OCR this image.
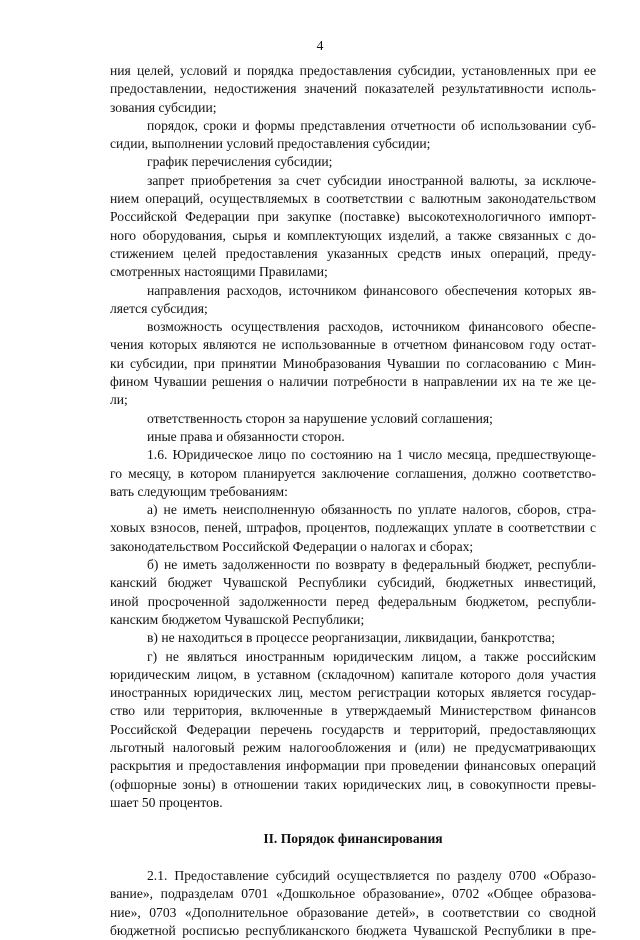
4
ния целей, условий и порядка предоставления субсидии, установленных при ее
предоставлении, недостижения значений показателей результативности исполь-
зования субсидии;
порядок, сроки и формы представления отчетности об использовании суб-
сидии, выполнении условий предоставления субсидии;
график перечисления субсидии;
запрет приобретения за счет субсидии иностранной валюты, за исключе-
нием операций, осуществляемых в соответствии с валютным законодательством
Российской Федерации при закупке (поставке) высокотехнологичного импорт-
ного оборудования, сырья и комплектующих изделий, а также связанных с до-
стижением целей предоставления указанных средств иных операций, преду-
смотренных настоящими Правилами;
направления расходов, источником финансового обеспечения которых яв-
ляется субсидия;
возможность осуществления расходов, источником финансового обеспе-
чения которых являются не использованные в отчетном финансовом году остат-
ки субсидии, при принятии Минобразования Чувашии по согласованию с Мин-
фином Чувашии решения о наличии потребности в направлении их на те же це-
ли;
ответственность сторон за нарушение условий соглашения;
иные права и обязанности сторон.
1.6. Юридическое лицо по состоянию на 1 число месяца, предшествующе-
го месяцу, в котором планируется заключение соглашения, должно соответство-
вать следующим требованиям:
а) не иметь неисполненную обязанность по уплате налогов, сборов, стра-
ховых взносов, пеней, штрафов, процентов, подлежащих уплате в соответствии с
законодательством Российской Федерации о налогах и сборах;
б) не иметь задолженности по возврату в федеральный бюджет, республи-
канский бюджет Чувашской Республики субсидий, бюджетных инвестиций,
иной просроченной задолженности перед федеральным бюджетом, республи-
канским бюджетом Чувашской Республики;
в) не находиться в процессе реорганизации, ликвидации, банкротства;
г) не являться иностранным юридическим лицом, а также российским
юридическим лицом, в уставном (складочном) капитале которого доля участия
иностранных юридических лиц, местом регистрации которых является государ-
ство или территория, включенные в утверждаемый Министерством финансов
Российской Федерации перечень государств и территорий, предоставляющих
льготный налоговый режим налогообложения и (или) не предусматривающих
раскрытия и предоставления информации при проведении финансовых операций
(офшорные зоны) в отношении таких юридических лиц, в совокупности превы-
шает 50 процентов.
II. Порядок финансирования
2.1. Предоставление субсидий осуществляется по разделу 0700 «Образо-
вание», подразделам 0701 «Дошкольное образование», 0702 «Общее образова-
ние», 0703 «Дополнительное образование детей», в соответствии со сводной
бюджетной росписью республиканского бюджета Чувашской Республики в пре-
